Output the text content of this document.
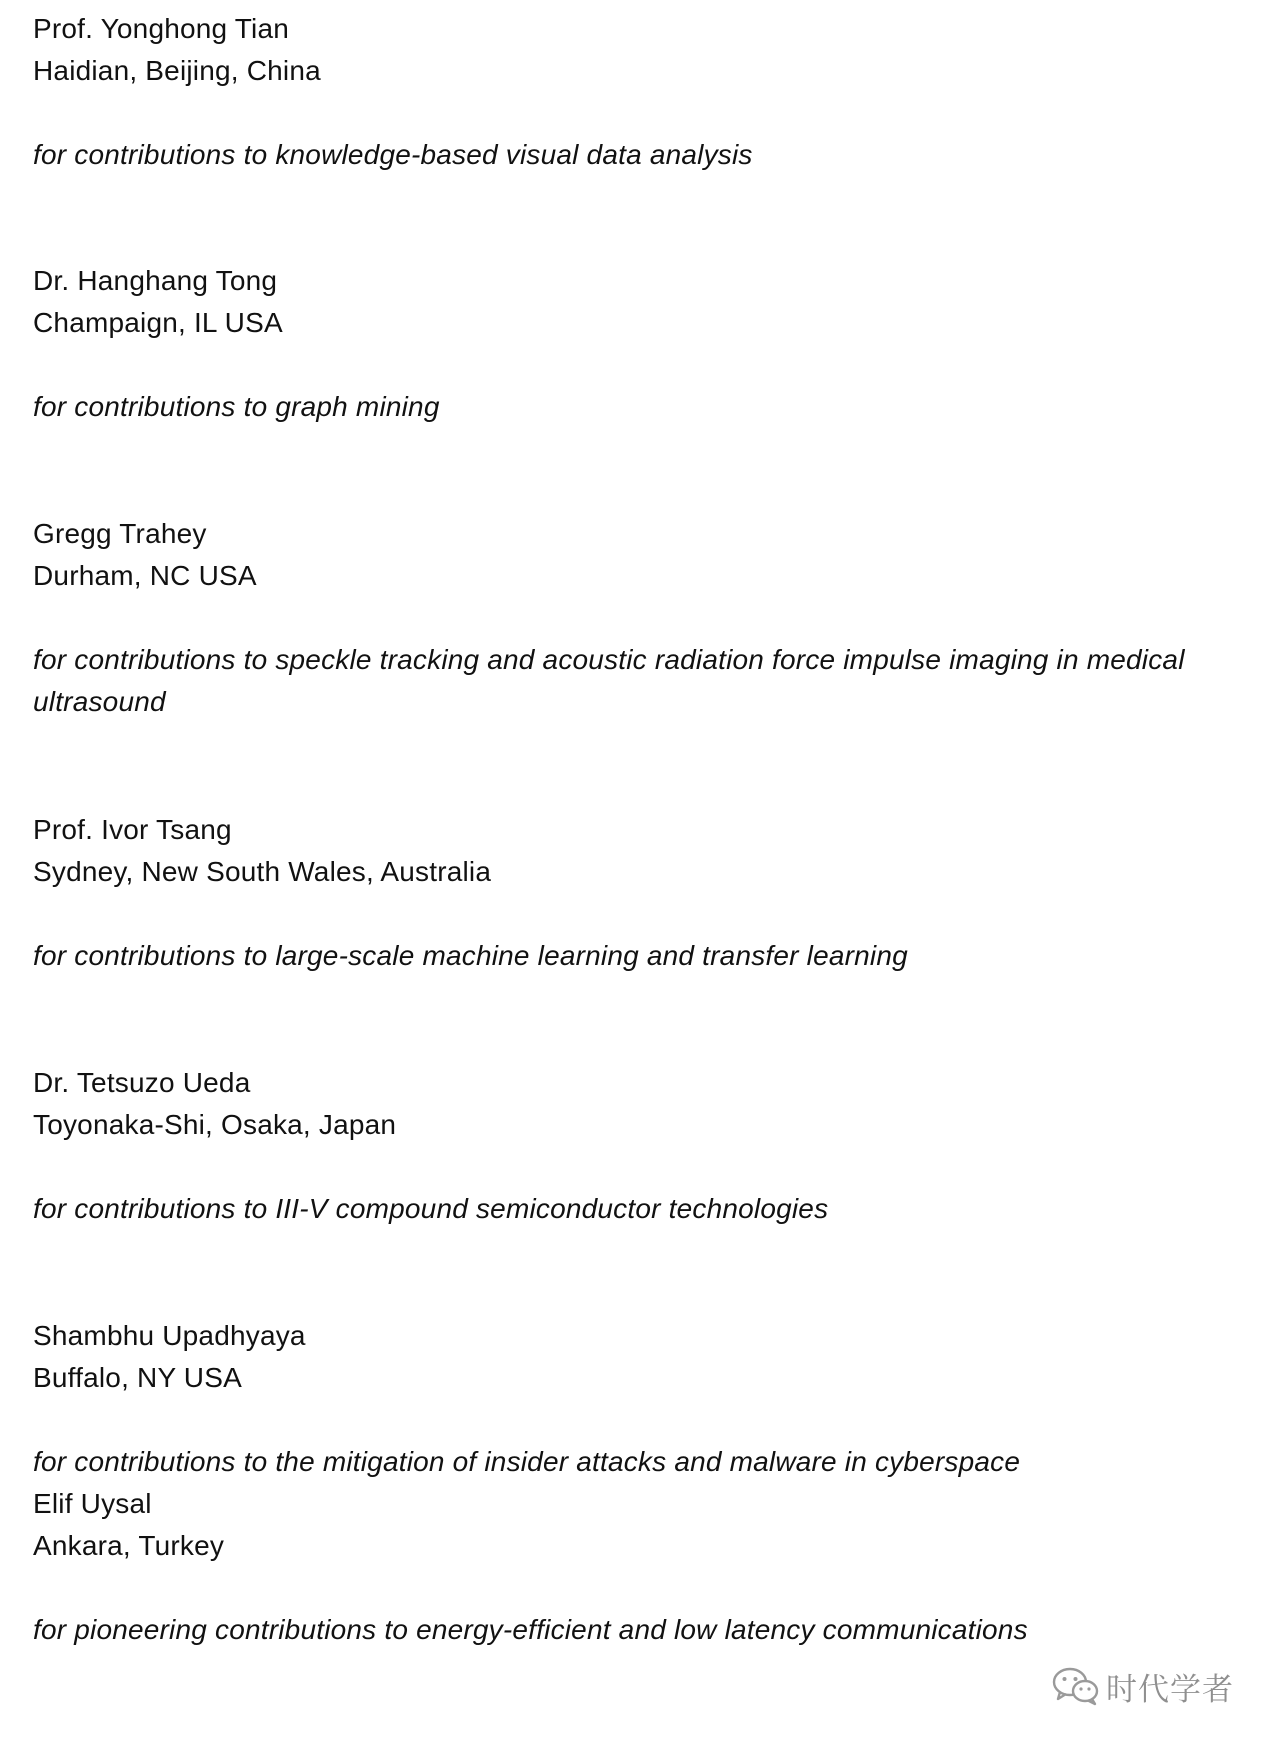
Prof. Yonghong Tian
Haidian, Beijing, China
for contributions to knowledge-based visual data analysis
Dr. Hanghang Tong
Champaign, IL USA
for contributions to graph mining
Gregg Trahey
Durham, NC USA
for contributions to speckle tracking and acoustic radiation force impulse imaging in medical ultrasound
Prof. Ivor Tsang
Sydney, New South Wales, Australia
for contributions to large-scale machine learning and transfer learning
Dr. Tetsuzo Ueda
Toyonaka-Shi, Osaka, Japan
for contributions to III-V compound semiconductor technologies
Shambhu Upadhyaya
Buffalo, NY USA
for contributions to the mitigation of insider attacks and malware in cyberspace
Elif Uysal
Ankara, Turkey
for pioneering contributions to energy-efficient and low latency communications
时代学者
